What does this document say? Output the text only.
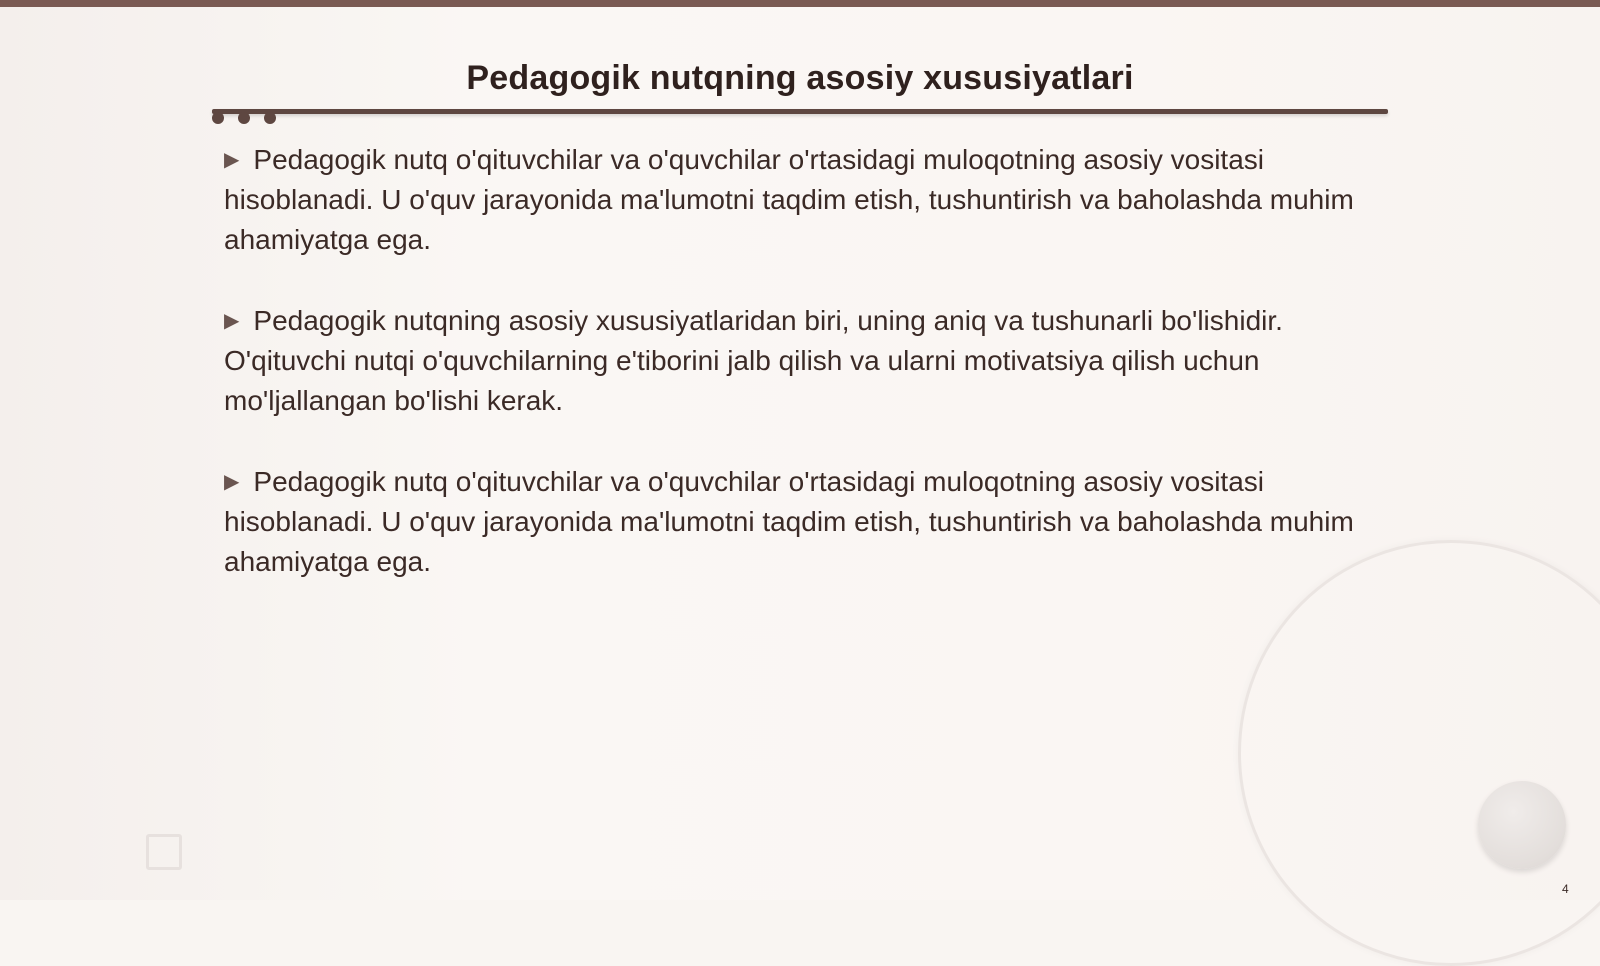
Pedagogik nutqning asosiy xususiyatlari

▶ Pedagogik nutq o'qituvchilar va o'quvchilar o'rtasidagi muloqotning asosiy vositasi hisoblanadi. U o'quv jarayonida ma'lumotni taqdim etish, tushuntirish va baholashda muhim ahamiyatga ega.

▶ Pedagogik nutqning asosiy xususiyatlaridan biri, uning aniq va tushunarli bo'lishidir. O'qituvchi nutqi o'quvchilarning e'tiborini jalb qilish va ularni motivatsiya qilish uchun mo'ljallangan bo'lishi kerak.

▶ Pedagogik nutq o'qituvchilar va o'quvchilar o'rtasidagi muloqotning asosiy vositasi hisoblanadi. U o'quv jarayonida ma'lumotni taqdim etish, tushuntirish va baholashda muhim ahamiyatga ega.

4
